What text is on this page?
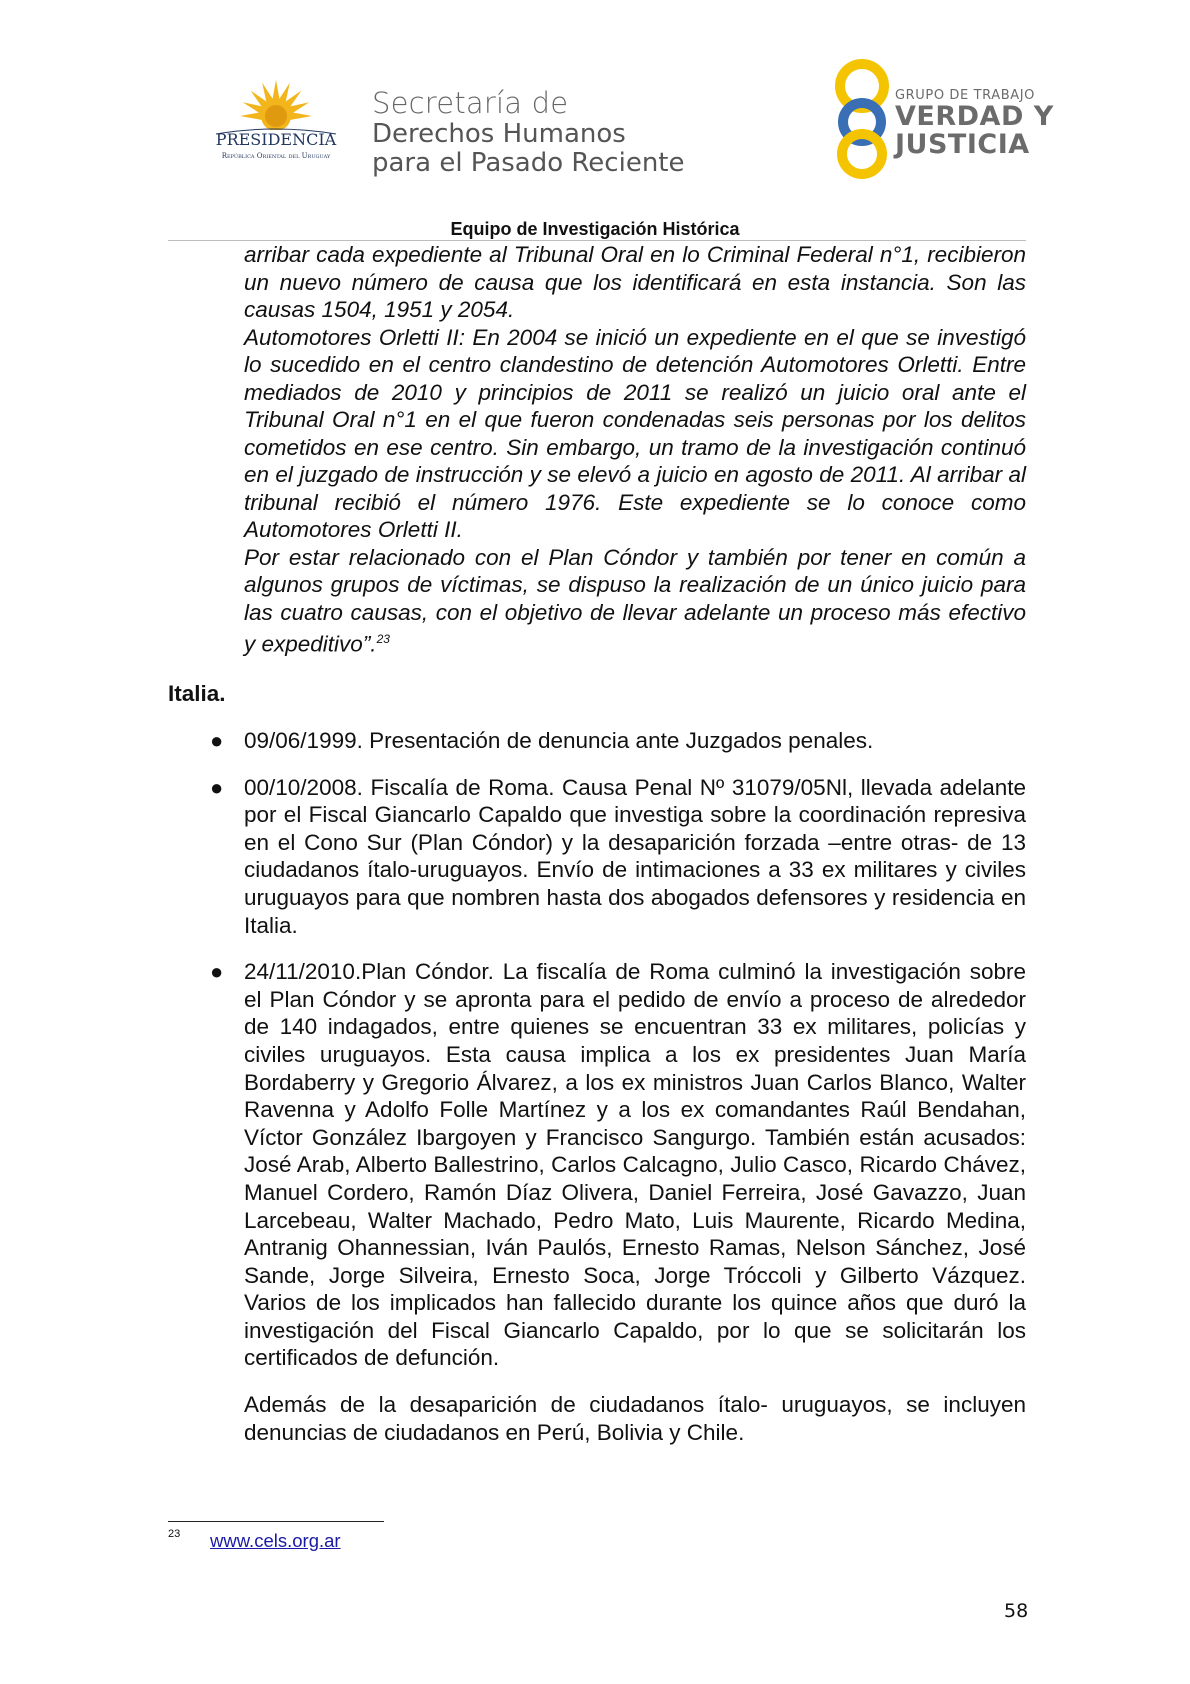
PRESIDENCIA
República Oriental del Uruguay
Secretaría de
Derechos Humanos
para el Pasado Reciente
GRUPO DE TRABAJO
VERDAD Y
JUSTICIA
Equipo de Investigación Histórica

arribar cada expediente al Tribunal Oral en lo Criminal Federal n°1, recibieron un nuevo número de causa que los identificará en esta instancia. Son las causas 1504, 1951 y 2054.

Automotores Orletti II: En 2004 se inició un expediente en el que se investigó lo sucedido en el centro clandestino de detención Automotores Orletti. Entre mediados de 2010 y principios de 2011 se realizó un juicio oral ante el Tribunal Oral n°1 en el que fueron condenadas seis personas por los delitos cometidos en ese centro. Sin embargo, un tramo de la investigación continuó en el juzgado de instrucción y se elevó a juicio en agosto de 2011. Al arribar al tribunal recibió el número 1976. Este expediente se lo conoce como Automotores Orletti II.

Por estar relacionado con el Plan Cóndor y también por tener en común a algunos grupos de víctimas, se dispuso la realización de un único juicio para las cuatro causas, con el objetivo de llevar adelante un proceso más efectivo y expeditivo”.$^{23}$

Italia.
● 09/06/1999. Presentación de denuncia ante Juzgados penales.
● 00/10/2008. Fiscalía de Roma. Causa Penal Nº 31079/05Nl, llevada adelante por el Fiscal Giancarlo Capaldo que investiga sobre la coordinación represiva en el Cono Sur (Plan Cóndor) y la desaparición forzada –entre otras- de 13 ciudadanos ítalo-uruguayos. Envío de intimaciones a 33 ex militares y civiles uruguayos para que nombren hasta dos abogados defensores y residencia en Italia.
● 24/11/2010.Plan Cóndor. La fiscalía de Roma culminó la investigación sobre el Plan Cóndor y se apronta para el pedido de envío a proceso de alrededor de 140 indagados, entre quienes se encuentran 33 ex militares, policías y civiles uruguayos. Esta causa implica a los ex presidentes Juan María Bordaberry y Gregorio Álvarez, a los ex ministros Juan Carlos Blanco, Walter Ravenna y Adolfo Folle Martínez y a los ex comandantes Raúl Bendahan, Víctor González Ibargoyen y Francisco Sangurgo. También están acusados: José Arab, Alberto Ballestrino, Carlos Calcagno, Julio Casco, Ricardo Chávez, Manuel Cordero, Ramón Díaz Olivera, Daniel Ferreira, José Gavazzo, Juan Larcebeau, Walter Machado, Pedro Mato, Luis Maurente, Ricardo Medina, Antranig Ohannessian, Iván Paulós, Ernesto Ramas, Nelson Sánchez, José Sande, Jorge Silveira, Ernesto Soca, Jorge Tróccoli y Gilberto Vázquez. Varios de los implicados han fallecido durante los quince años que duró la investigación del Fiscal Giancarlo Capaldo, por lo que se solicitarán los certificados de defunción.

Además de la desaparición de ciudadanos ítalo- uruguayos, se incluyen denuncias de ciudadanos en Perú, Bolivia y Chile.

$^{23}$ www.cels.org.ar
58
